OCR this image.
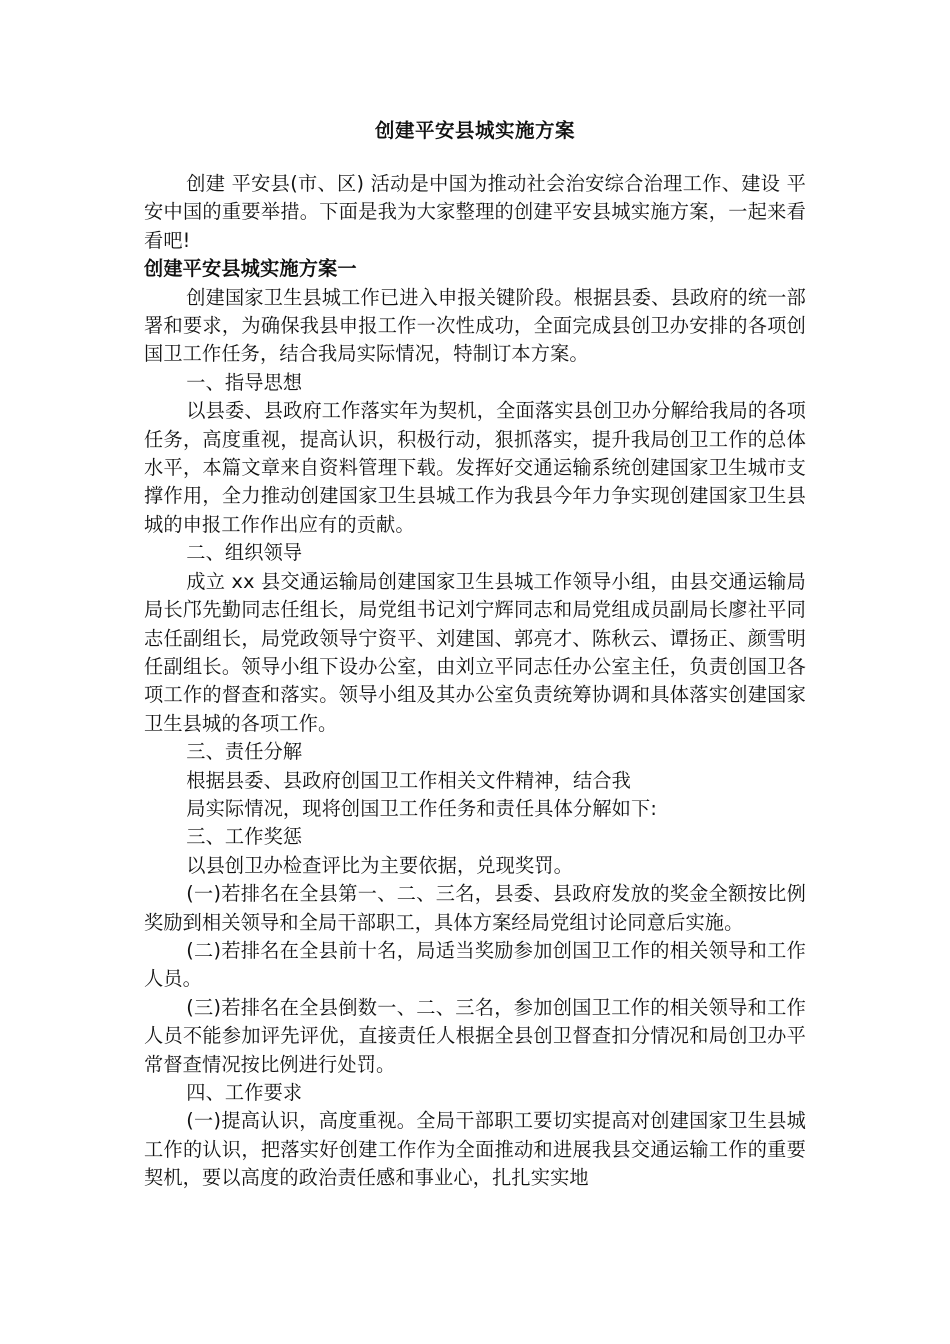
创建平安县城实施方案

创建 平安县(市、区) 活动是中国为推动社会治安综合治理工作、建设 平安中国的重要举措。下面是我为大家整理的创建平安县城实施方案，一起来看看吧!

创建平安县城实施方案一

创建国家卫生县城工作已进入申报关键阶段。根据县委、县政府的统一部署和要求，为确保我县申报工作一次性成功，全面完成县创卫办安排的各项创国卫工作任务，结合我局实际情况，特制订本方案。

一、指导思想

以县委、县政府工作落实年为契机，全面落实县创卫办分解给我局的各项任务，高度重视，提高认识，积极行动，狠抓落实，提升我局创卫工作的总体水平，本篇文章来自资料管理下载。发挥好交通运输系统创建国家卫生城市支撑作用，全力推动创建国家卫生县城工作为我县今年力争实现创建国家卫生县城的申报工作作出应有的贡献。

二、组织领导

成立 xx 县交通运输局创建国家卫生县城工作领导小组，由县交通运输局局长邝先勤同志任组长，局党组书记刘宁辉同志和局党组成员副局长廖社平同志任副组长，局党政领导宁资平、刘建国、郭亮才、陈秋云、谭扬正、颜雪明任副组长。领导小组下设办公室，由刘立平同志任办公室主任，负责创国卫各项工作的督查和落实。领导小组及其办公室负责统筹协调和具体落实创建国家卫生县城的各项工作。

三、责任分解

根据县委、县政府创国卫工作相关文件精神，结合我

局实际情况，现将创国卫工作任务和责任具体分解如下:

三、工作奖惩

以县创卫办检查评比为主要依据，兑现奖罚。

(一)若排名在全县第一、二、三名，县委、县政府发放的奖金全额按比例奖励到相关领导和全局干部职工，具体方案经局党组讨论同意后实施。

(二)若排名在全县前十名，局适当奖励参加创国卫工作的相关领导和工作人员。

(三)若排名在全县倒数一、二、三名，参加创国卫工作的相关领导和工作人员不能参加评先评优，直接责任人根据全县创卫督查扣分情况和局创卫办平常督查情况按比例进行处罚。

四、工作要求

(一)提高认识，高度重视。全局干部职工要切实提高对创建国家卫生县城工作的认识，把落实好创建工作作为全面推动和进展我县交通运输工作的重要契机，要以高度的政治责任感和事业心，扎扎实实地
